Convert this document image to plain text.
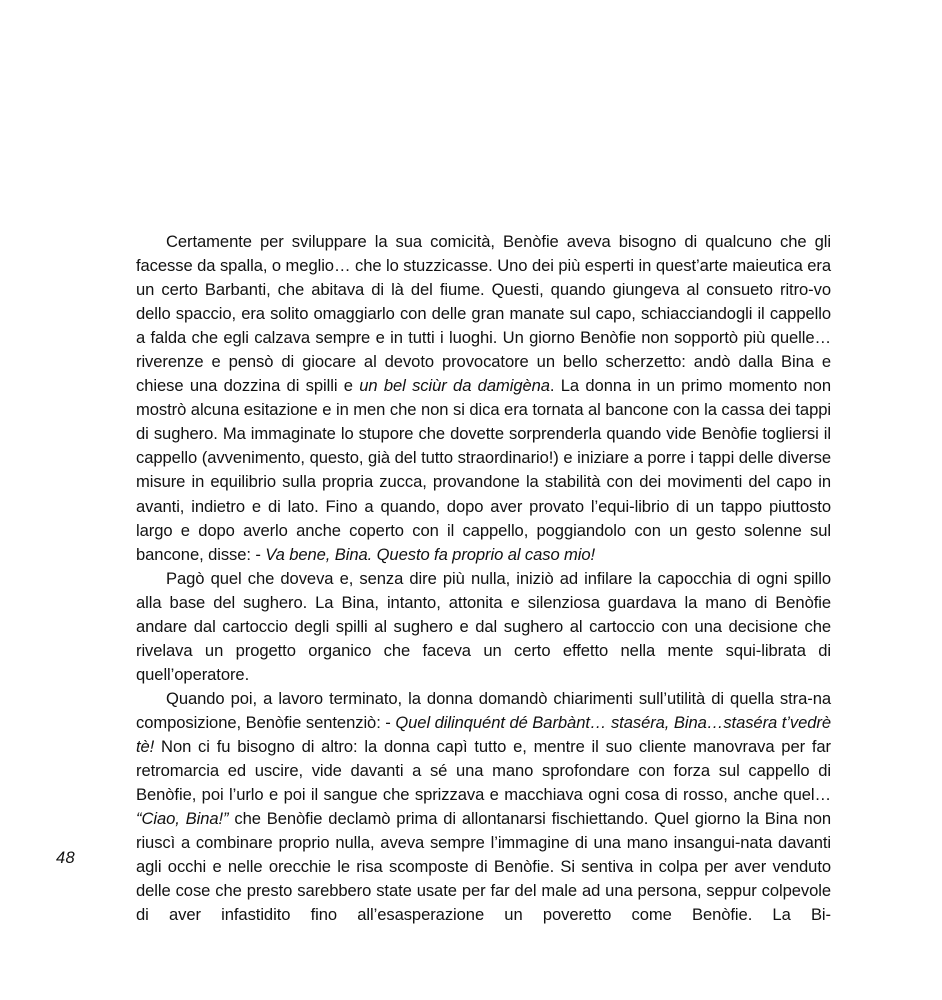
48

Certamente per sviluppare la sua comicità, Benòfie aveva bisogno di qualcuno che gli facesse da spalla, o meglio… che lo stuzzicasse. Uno dei più esperti in quest’arte maieutica era un certo Barbanti, che abitava di là del fiume. Questi, quando giungeva al consueto ritro-vo dello spaccio, era solito omaggiarlo con delle gran manate sul capo, schiacciandogli il cappello a falda che egli calzava sempre e in tutti i luoghi. Un giorno Benòfie non sopportò più quelle… riverenze e pensò di giocare al devoto provocatore un bello scherzetto: andò dalla Bina e chiese una dozzina di spilli e un bel sciùr da damigèna. La donna in un primo momento non mostrò alcuna esitazione e in men che non si dica era tornata al bancone con la cassa dei tappi di sughero. Ma immaginate lo stupore che dovette sorprenderla quando vide Benòfie togliersi il cappello (avvenimento, questo, già del tutto straordinario!) e iniziare a porre i tappi delle diverse misure in equilibrio sulla propria zucca, provandone la stabilità con dei movimenti del capo in avanti, indietro e di lato. Fino a quando, dopo aver provato l’equi-librio di un tappo piuttosto largo e dopo averlo anche coperto con il cappello, poggiandolo con un gesto solenne sul bancone, disse: - Va bene, Bina. Questo fa proprio al caso mio!

Pagò quel che doveva e, senza dire più nulla, iniziò ad infilare la capocchia di ogni spillo alla base del sughero. La Bina, intanto, attonita e silenziosa guardava la mano di Benòfie andare dal cartoccio degli spilli al sughero e dal sughero al cartoccio con una decisione che rivelava un progetto organico che faceva un certo effetto nella mente squi-librata di quell’operatore.

Quando poi, a lavoro terminato, la donna domandò chiarimenti sull’utilità di quella stra-na composizione, Benòfie sentenziò: - Quel dilinquént dé Barbànt… staséra, Bina…staséra t’vedrè tè! Non ci fu bisogno di altro: la donna capì tutto e, mentre il suo cliente manovrava per far retromarcia ed uscire, vide davanti a sé una mano sprofondare con forza sul cappello di Benòfie, poi l’urlo e poi il sangue che sprizzava e macchiava ogni cosa di rosso, anche quel… “Ciao, Bina!” che Benòfie declamò prima di allontanarsi fischiettando. Quel giorno la Bina non riuscì a combinare proprio nulla, aveva sempre l’immagine di una mano insangui-nata davanti agli occhi e nelle orecchie le risa scomposte di Benòfie. Si sentiva in colpa per aver venduto delle cose che presto sarebbero state usate per far del male ad una persona, seppur colpevole di aver infastidito fino all’esasperazione un poveretto come Benòfie. La Bi-
